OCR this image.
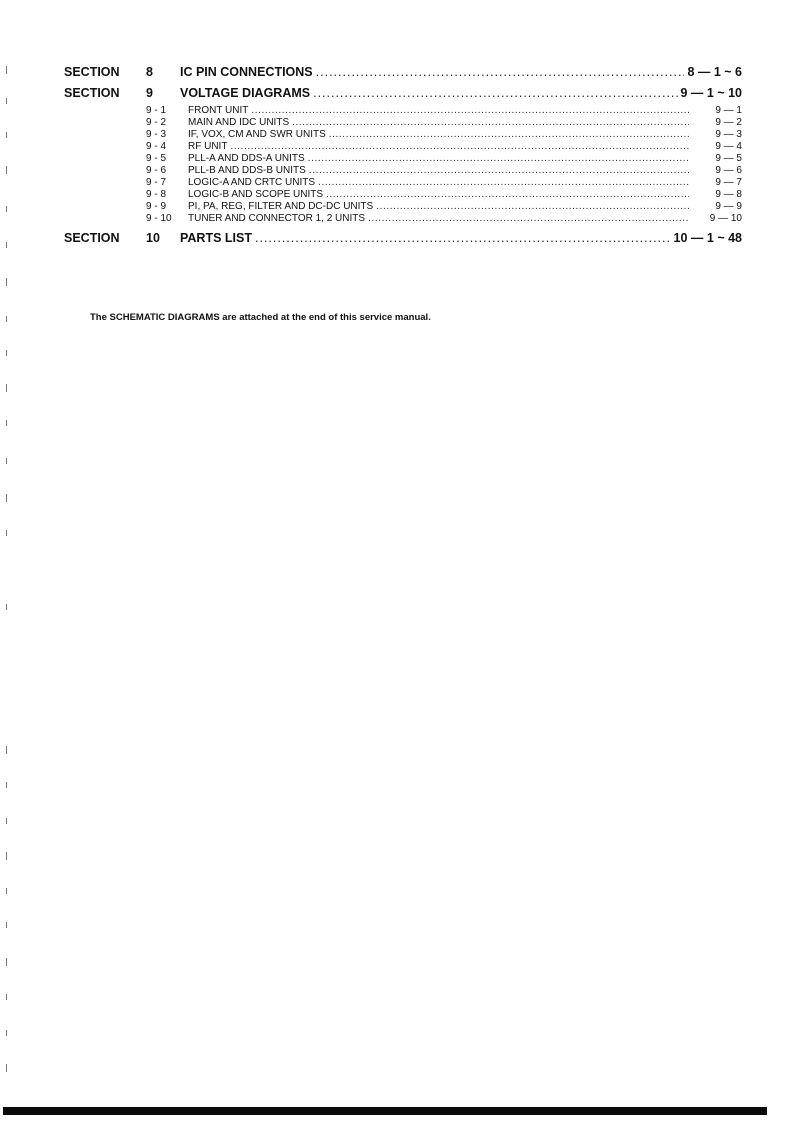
SECTION	8	IC PIN CONNECTIONS .....	8 — 1 ~ 6
SECTION	9	VOLTAGE DIAGRAMS .....	9 — 1 ~ 10
9 - 1	FRONT UNIT .....	9 — 1
9 - 2	MAIN AND IDC UNITS .....	9 — 2
9 - 3	IF, VOX, CM AND SWR UNITS .....	9 — 3
9 - 4	RF UNIT .....	9 — 4
9 - 5	PLL-A AND DDS-A UNITS .....	9 — 5
9 - 6	PLL-B AND DDS-B UNITS .....	9 — 6
9 - 7	LOGIC-A AND CRTC UNITS .....	9 — 7
9 - 8	LOGIC-B AND SCOPE UNITS .....	9 — 8
9 - 9	PI, PA, REG, FILTER AND DC-DC UNITS .....	9 — 9
9 - 10	TUNER AND CONNECTOR 1, 2 UNITS .....	9 — 10
SECTION	10	PARTS LIST .....	10 — 1 ~ 48
The SCHEMATIC DIAGRAMS are attached at the end of this service manual.
